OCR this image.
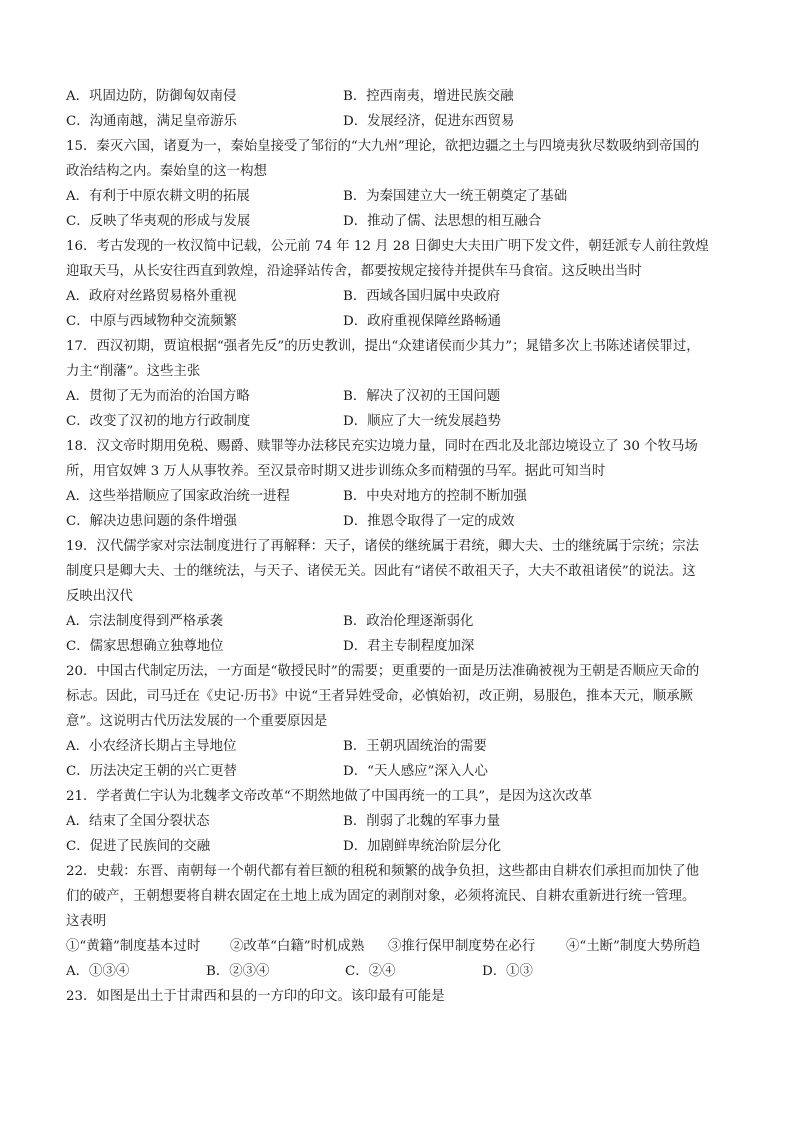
A．巩固边防，防御匈奴南侵	B．控西南夷，增进民族交融
C．沟通南越，满足皇帝游乐	D．发展经济，促进东西贸易
15．秦灭六国，诸夏为一，秦始皇接受了邹衍的“大九州”理论，欲把边疆之土与四境夷狄尽数吸纳到帝国的
政治结构之内。秦始皇的这一构想
A．有利于中原农耕文明的拓展	B．为秦国建立大一统王朝奠定了基础
C．反映了华夷观的形成与发展	D．推动了儒、法思想的相互融合
16．考古发现的一枚汉简中记载，公元前 74 年 12 月 28 日御史大夫田广明下发文件，朝廷派专人前往敦煌
迎取天马，从长安往西直到敦煌，沿途驿站传舍，都要按规定接待并提供车马食宿。这反映出当时
A．政府对丝路贸易格外重视	B．西域各国归属中央政府
C．中原与西域物种交流频繁	D．政府重视保障丝路畅通
17．西汉初期，贾谊根据“强者先反”的历史教训，提出“众建诸侯而少其力”；晁错多次上书陈述诸侯罪过，
力主“削藩”。这些主张
A．贯彻了无为而治的治国方略	B．解决了汉初的王国问题
C．改变了汉初的地方行政制度	D．顺应了大一统发展趋势
18．汉文帝时期用免税、赐爵、赎罪等办法移民充实边境力量，同时在西北及北部边境设立了 30 个牧马场
所，用官奴婢 3 万人从事牧养。至汉景帝时期又进步训练众多而精强的马军。据此可知当时
A．这些举措顺应了国家政治统一进程	B．中央对地方的控制不断加强
C．解决边患问题的条件增强	D．推恩令取得了一定的成效
19．汉代儒学家对宗法制度进行了再解释：天子，诸侯的继统属于君统，卿大夫、士的继统属于宗统；宗法
制度只是卿大夫、士的继统法，与天子、诸侯无关。因此有“诸侯不敢祖天子，大夫不敢祖诸侯”的说法。这
反映出汉代
A．宗法制度得到严格承袭	B．政治伦理逐渐弱化
C．儒家思想确立独尊地位	D．君主专制程度加深
20．中国古代制定历法，一方面是“敬授民时”的需要；更重要的一面是历法准确被视为王朝是否顺应天命的
标志。因此，司马迁在《史记·历书》中说“王者异姓受命，必慎始初，改正朔，易服色，推本天元，顺承厥
意”。这说明古代历法发展的一个重要原因是
A．小农经济长期占主导地位	B．王朝巩固统治的需要
C．历法决定王朝的兴亡更替	D．“天人感应”深入人心
21．学者黄仁宇认为北魏孝文帝改革“不期然地做了中国再统一的工具”，是因为这次改革
A．结束了全国分裂状态	B．削弱了北魏的军事力量
C．促进了民族间的交融	D．加剧鲜卑统治阶层分化
22．史载：东晋、南朝每一个朝代都有着巨额的租税和频繁的战争负担，这些都由自耕农们承担而加快了他
们的破产，王朝想要将自耕农固定在土地上成为固定的剥削对象，必须将流民、自耕农重新进行统一管理。
这表明
①“黄籍”制度基本过时 ②改革“白籍”时机成熟 ③推行保甲制度势在必行 ④“土断”制度大势所趋
A．①③④	B．②③④	C．②④	D．①③
23．如图是出土于甘肃西和县的一方印的印文。该印最有可能是
